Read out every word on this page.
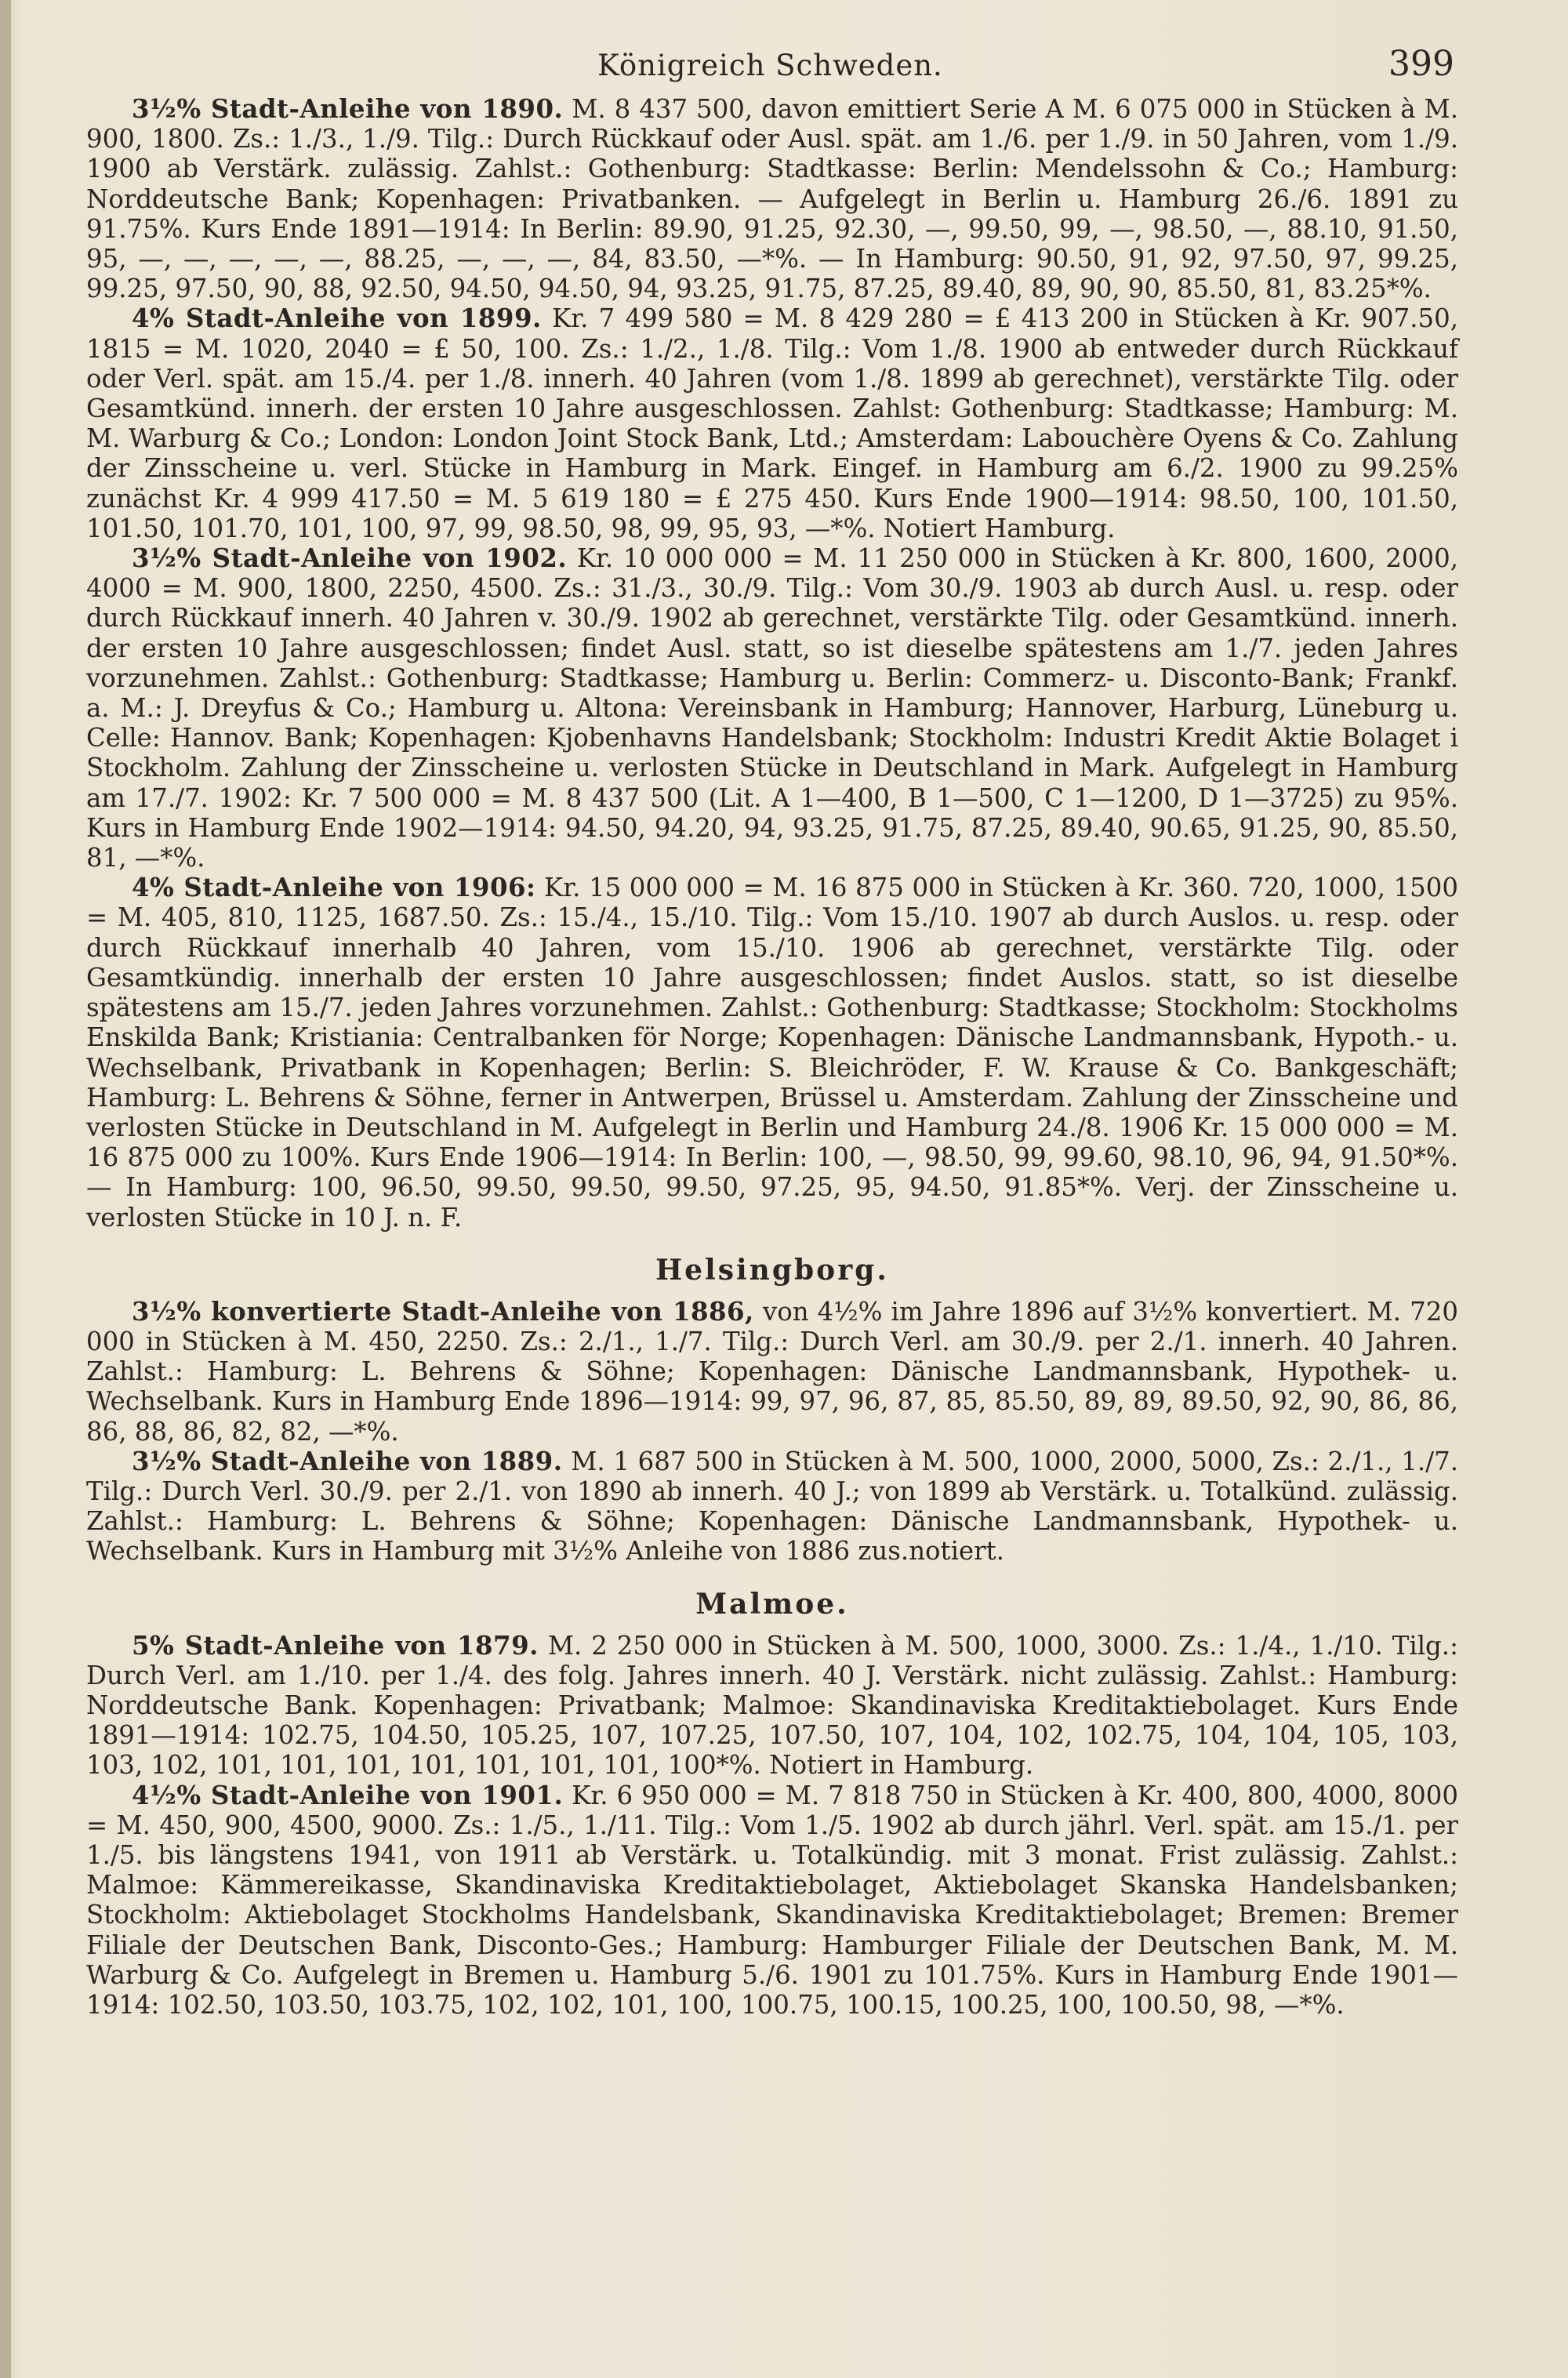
Königreich Schweden.	399

3½% Stadt-Anleihe von 1890. M. 8 437 500, davon emittiert Serie A M. 6 075 000 in Stücken à M. 900, 1800. Zs.: 1./3., 1./9. Tilg.: Durch Rückkauf oder Ausl. spät. am 1./6. per 1./9. in 50 Jahren, vom 1./9. 1900 ab Verstärk. zulässig. Zahlst.: Gothenburg: Stadtkasse: Berlin: Mendelssohn & Co.; Hamburg: Norddeutsche Bank; Kopenhagen: Privatbanken. — Aufgelegt in Berlin u. Hamburg 26./6. 1891 zu 91.75%. Kurs Ende 1891—1914: In Berlin: 89.90, 91.25, 92.30, —, 99.50, 99, —, 98.50, —, 88.10, 91.50, 95, —, —, —, —, —, 88.25, —, —, —, 84, 83.50, —*%. — In Hamburg: 90.50, 91, 92, 97.50, 97, 99.25, 99.25, 97.50, 90, 88, 92.50, 94.50, 94.50, 94, 93.25, 91.75, 87.25, 89.40, 89, 90, 90, 85.50, 81, 83.25*%.

4% Stadt-Anleihe von 1899. Kr. 7 499 580 = M. 8 429 280 = £ 413 200 in Stücken à Kr. 907.50, 1815 = M. 1020, 2040 = £ 50, 100. Zs.: 1./2., 1./8. Tilg.: Vom 1./8. 1900 ab entweder durch Rückkauf oder Verl. spät. am 15./4. per 1./8. innerh. 40 Jahren (vom 1./8. 1899 ab gerechnet), verstärkte Tilg. oder Gesamtkünd. innerh. der ersten 10 Jahre ausgeschlossen. Zahlst: Gothenburg: Stadtkasse; Hamburg: M. M. Warburg & Co.; London: London Joint Stock Bank, Ltd.; Amsterdam: Labouchère Oyens & Co. Zahlung der Zinsscheine u. verl. Stücke in Hamburg in Mark. Eingef. in Hamburg am 6./2. 1900 zu 99.25% zunächst Kr. 4 999 417.50 = M. 5 619 180 = £ 275 450. Kurs Ende 1900—1914: 98.50, 100, 101.50, 101.50, 101.70, 101, 100, 97, 99, 98.50, 98, 99, 95, 93, —*%. Notiert Hamburg.

3½% Stadt-Anleihe von 1902. Kr. 10 000 000 = M. 11 250 000 in Stücken à Kr. 800, 1600, 2000, 4000 = M. 900, 1800, 2250, 4500. Zs.: 31./3., 30./9. Tilg.: Vom 30./9. 1903 ab durch Ausl. u. resp. oder durch Rückkauf innerh. 40 Jahren v. 30./9. 1902 ab gerechnet, verstärkte Tilg. oder Gesamtkünd. innerh. der ersten 10 Jahre ausgeschlossen; findet Ausl. statt, so ist dieselbe spätestens am 1./7. jeden Jahres vorzunehmen. Zahlst.: Gothenburg: Stadtkasse; Hamburg u. Berlin: Commerz- u. Disconto-Bank; Frankf. a. M.: J. Dreyfus & Co.; Hamburg u. Altona: Vereinsbank in Hamburg; Hannover, Harburg, Lüneburg u. Celle: Hannov. Bank; Kopenhagen: Kjobenhavns Handelsbank; Stockholm: Industri Kredit Aktie Bolaget i Stockholm. Zahlung der Zinsscheine u. verlosten Stücke in Deutschland in Mark. Aufgelegt in Hamburg am 17./7. 1902: Kr. 7 500 000 = M. 8 437 500 (Lit. A 1—400, B 1—500, C 1—1200, D 1—3725) zu 95%. Kurs in Hamburg Ende 1902—1914: 94.50, 94.20, 94, 93.25, 91.75, 87.25, 89.40, 90.65, 91.25, 90, 85.50, 81, —*%.

4% Stadt-Anleihe von 1906: Kr. 15 000 000 = M. 16 875 000 in Stücken à Kr. 360. 720, 1000, 1500 = M. 405, 810, 1125, 1687.50. Zs.: 15./4., 15./10. Tilg.: Vom 15./10. 1907 ab durch Auslos. u. resp. oder durch Rückkauf innerhalb 40 Jahren, vom 15./10. 1906 ab gerechnet, verstärkte Tilg. oder Gesamtkündig. innerhalb der ersten 10 Jahre ausgeschlossen; findet Auslos. statt, so ist dieselbe spätestens am 15./7. jeden Jahres vorzunehmen. Zahlst.: Gothenburg: Stadtkasse; Stockholm: Stockholms Enskilda Bank; Kristiania: Centralbanken för Norge; Kopenhagen: Dänische Landmannsbank, Hypoth.- u. Wechselbank, Privatbank in Kopenhagen; Berlin: S. Bleichröder, F. W. Krause & Co. Bankgeschäft; Hamburg: L. Behrens & Söhne, ferner in Antwerpen, Brüssel u. Amsterdam. Zahlung der Zinsscheine und verlosten Stücke in Deutschland in M. Aufgelegt in Berlin und Hamburg 24./8. 1906 Kr. 15 000 000 = M. 16 875 000 zu 100%. Kurs Ende 1906—1914: In Berlin: 100, —, 98.50, 99, 99.60, 98.10, 96, 94, 91.50*%. — In Hamburg: 100, 96.50, 99.50, 99.50, 99.50, 97.25, 95, 94.50, 91.85*%. Verj. der Zinsscheine u. verlosten Stücke in 10 J. n. F.

Helsingborg.

3½% konvertierte Stadt-Anleihe von 1886, von 4½% im Jahre 1896 auf 3½% konvertiert. M. 720 000 in Stücken à M. 450, 2250. Zs.: 2./1., 1./7. Tilg.: Durch Verl. am 30./9. per 2./1. innerh. 40 Jahren. Zahlst.: Hamburg: L. Behrens & Söhne; Kopenhagen: Dänische Landmannsbank, Hypothek- u. Wechselbank. Kurs in Hamburg Ende 1896—1914: 99, 97, 96, 87, 85, 85.50, 89, 89, 89.50, 92, 90, 86, 86, 86, 88, 86, 82, 82, —*%.

3½% Stadt-Anleihe von 1889. M. 1 687 500 in Stücken à M. 500, 1000, 2000, 5000, Zs.: 2./1., 1./7. Tilg.: Durch Verl. 30./9. per 2./1. von 1890 ab innerh. 40 J.; von 1899 ab Verstärk. u. Totalkünd. zulässig. Zahlst.: Hamburg: L. Behrens & Söhne; Kopenhagen: Dänische Landmannsbank, Hypothek- u. Wechselbank. Kurs in Hamburg mit 3½% Anleihe von 1886 zus.notiert.

Malmoe.

5% Stadt-Anleihe von 1879. M. 2 250 000 in Stücken à M. 500, 1000, 3000. Zs.: 1./4., 1./10. Tilg.: Durch Verl. am 1./10. per 1./4. des folg. Jahres innerh. 40 J. Verstärk. nicht zulässig. Zahlst.: Hamburg: Norddeutsche Bank. Kopenhagen: Privatbank; Malmoe: Skandinaviska Kreditaktiebolaget. Kurs Ende 1891—1914: 102.75, 104.50, 105.25, 107, 107.25, 107.50, 107, 104, 102, 102.75, 104, 104, 105, 103, 103, 102, 101, 101, 101, 101, 101, 101, 101, 100*%. Notiert in Hamburg.

4½% Stadt-Anleihe von 1901. Kr. 6 950 000 = M. 7 818 750 in Stücken à Kr. 400, 800, 4000, 8000 = M. 450, 900, 4500, 9000. Zs.: 1./5., 1./11. Tilg.: Vom 1./5. 1902 ab durch jährl. Verl. spät. am 15./1. per 1./5. bis längstens 1941, von 1911 ab Verstärk. u. Totalkündig. mit 3 monat. Frist zulässig. Zahlst.: Malmoe: Kämmereikasse, Skandinaviska Kreditaktiebolaget, Aktiebolaget Skanska Handelsbanken; Stockholm: Aktiebolaget Stockholms Handelsbank, Skandinaviska Kreditaktiebolaget; Bremen: Bremer Filiale der Deutschen Bank, Disconto-Ges.; Hamburg: Hamburger Filiale der Deutschen Bank, M. M. Warburg & Co. Aufgelegt in Bremen u. Hamburg 5./6. 1901 zu 101.75%. Kurs in Hamburg Ende 1901—1914: 102.50, 103.50, 103.75, 102, 102, 101, 100, 100.75, 100.15, 100.25, 100, 100.50, 98, —*%.
